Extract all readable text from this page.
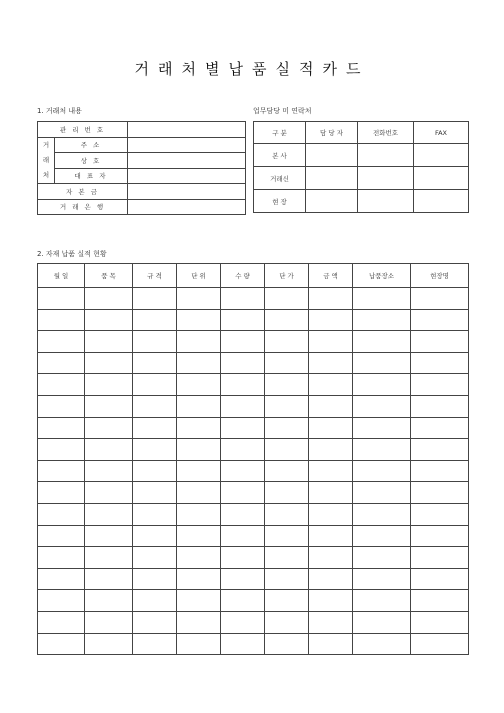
거래처별납품실적카드
1. 거래처 내용
관 리 번 호		
거
래
처	주 소	
	상 호	
	대 표 자	
자 본 금		
거 래 은 행		
업무담당 미 연락처
구 분	담 당 자	전화번호	FAX
본 사			
거래신			
현 장			
2. 자재 납품 실적 현황
월 일	품 목	규 격	단 위	수 량	단 가	금 액	납품장소	현장명
